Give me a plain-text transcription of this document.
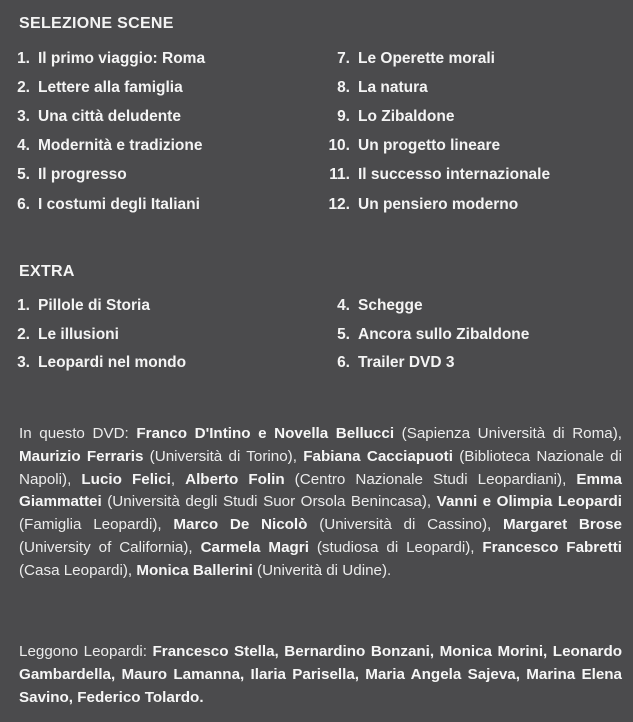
SELEZIONE SCENE
1. Il primo viaggio: Roma
2. Lettere alla famiglia
3. Una città deludente
4. Modernità e tradizione
5. Il progresso
6. I costumi degli Italiani
7. Le Operette morali
8. La natura
9. Lo Zibaldone
10. Un progetto lineare
11. Il successo internazionale
12. Un pensiero moderno
EXTRA
1. Pillole di Storia
2. Le illusioni
3. Leopardi nel mondo
4. Schegge
5. Ancora sullo Zibaldone
6. Trailer DVD 3

In questo DVD: Franco D'Intino e Novella Bellucci (Sapienza Università di Roma), Maurizio Ferraris (Università di Torino), Fabiana Cacciapuoti (Biblioteca Nazionale di Napoli), Lucio Felici, Alberto Folin (Centro Nazionale Studi Leopardiani), Emma Giammattei (Università degli Studi Suor Orsola Benincasa), Vanni e Olimpia Leopardi (Famiglia Leopardi), Marco De Nicolò (Università di Cassino), Margaret Brose (University of California), Carmela Magri (studiosa di Leopardi), Francesco Fabretti (Casa Leopardi), Monica Ballerini (Univerità di Udine).

Leggono Leopardi: Francesco Stella, Bernardino Bonzani, Monica Morini, Leonardo Gambardella, Mauro Lamanna, Ilaria Parisella, Maria Angela Sajeva, Marina Elena Savino, Federico Tolardo.
